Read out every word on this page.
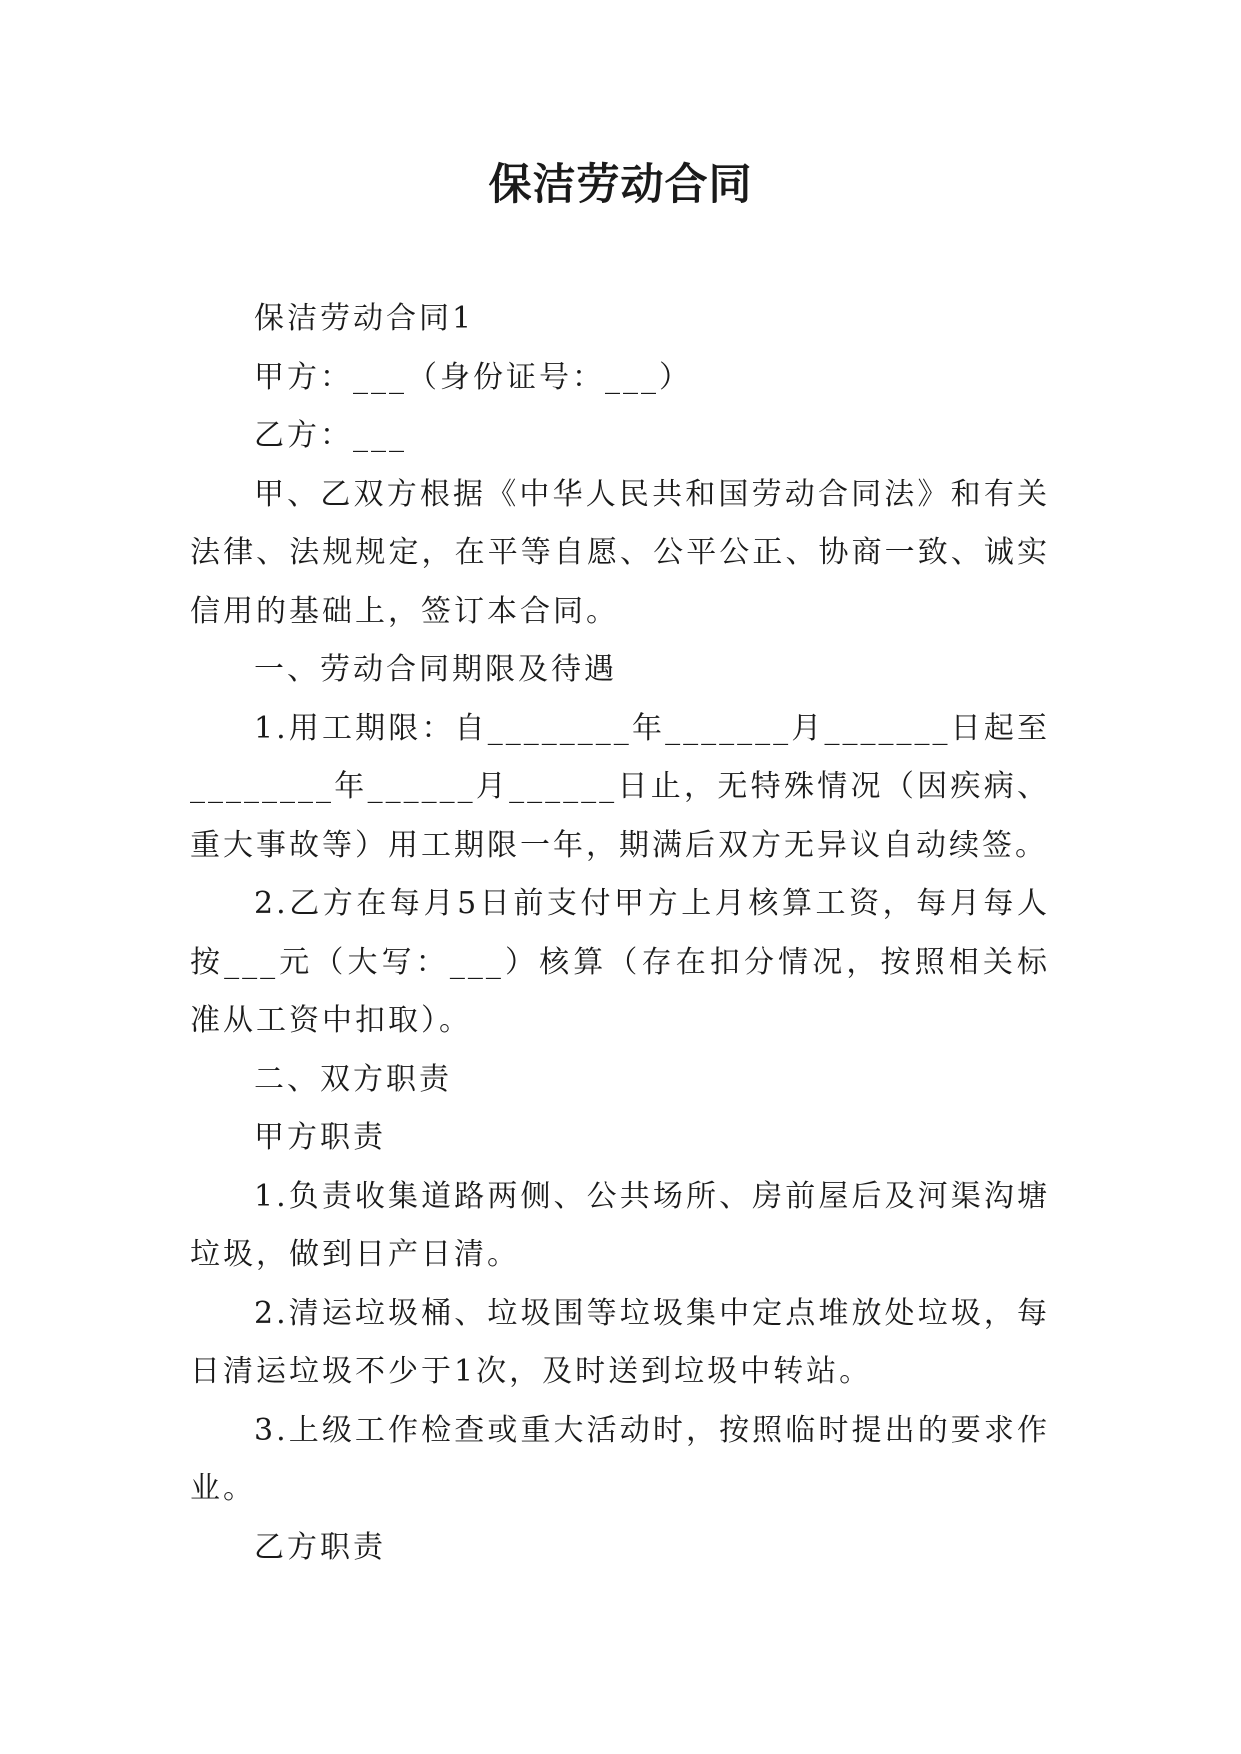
保洁劳动合同

保洁劳动合同1

甲方：___（身份证号：___）

乙方：___

甲、乙双方根据《中华人民共和国劳动合同法》和有关法律、法规规定，在平等自愿、公平公正、协商一致、诚实信用的基础上，签订本合同。

一、劳动合同期限及待遇

1.用工期限：自________年_______月_______日起至________年______月______日止，无特殊情况（因疾病、重大事故等）用工期限一年，期满后双方无异议自动续签。

2.乙方在每月5日前支付甲方上月核算工资，每月每人按___元（大写：___）核算（存在扣分情况，按照相关标准从工资中扣取）。

二、双方职责

甲方职责

1.负责收集道路两侧、公共场所、房前屋后及河渠沟塘垃圾，做到日产日清。

2.清运垃圾桶、垃圾围等垃圾集中定点堆放处垃圾，每日清运垃圾不少于1次，及时送到垃圾中转站。

3.上级工作检查或重大活动时，按照临时提出的要求作业。

乙方职责
